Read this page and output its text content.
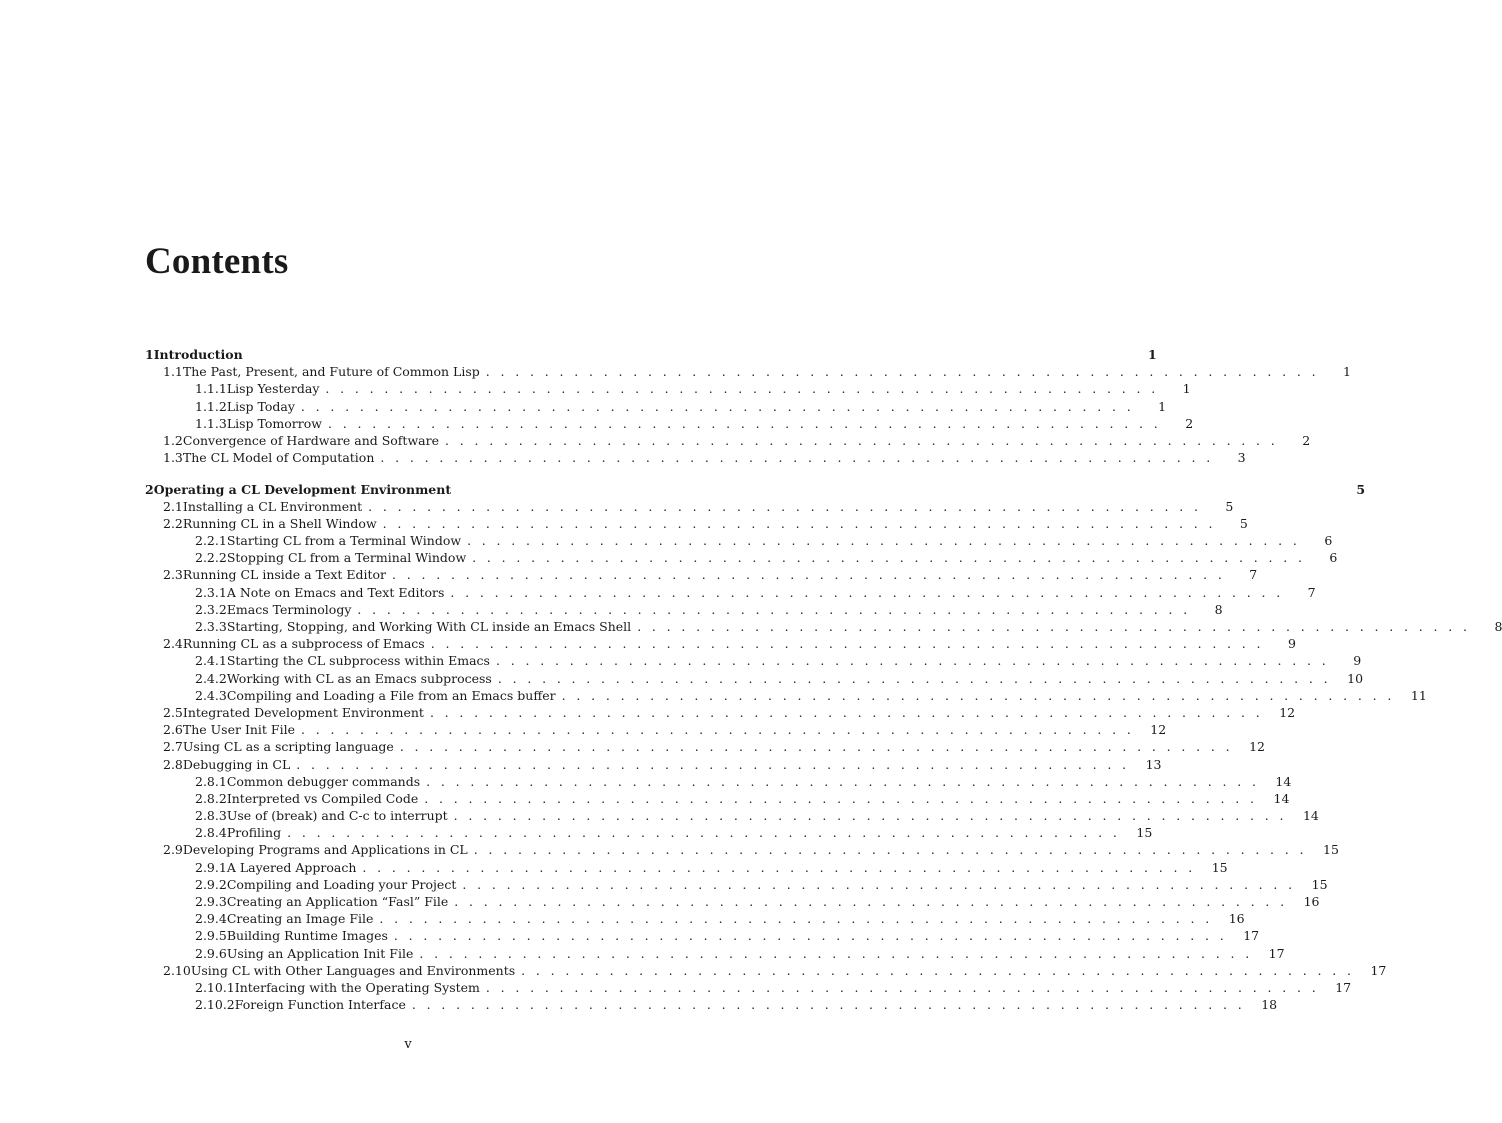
Contents
1 Introduction	1
1.1 The Past, Present, and Future of Common Lisp . . . . . . . . . . . . . . . . . . . . . . . . . . . . . . . . . . . . . . . . . . . . . . . . . . . . . . . . .	1
1.1.1 Lisp Yesterday . . . . . . . . . . . . . . . . . . . . . . . . . . . . . . . . . . . . . . . . . . . . . . . . . . . . . . . . .	1
1.1.2 Lisp Today . . . . . . . . . . . . . . . . . . . . . . . . . . . . . . . . . . . . . . . . . . . . . . . . . . . . . . . . .	1
1.1.3 Lisp Tomorrow . . . . . . . . . . . . . . . . . . . . . . . . . . . . . . . . . . . . . . . . . . . . . . . . . . . . . . . . .	2
1.2 Convergence of Hardware and Software . . . . . . . . . . . . . . . . . . . . . . . . . . . . . . . . . . . . . . . . . . . . . . . . . . . . . . . . .	2
1.3 The CL Model of Computation . . . . . . . . . . . . . . . . . . . . . . . . . . . . . . . . . . . . . . . . . . . . . . . . . . . . . . . . .	3
2 Operating a CL Development Environment	5
2.1 Installing a CL Environment . . . . . . . . . . . . . . . . . . . . . . . . . . . . . . . . . . . . . . . . . . . . . . . . . . . . . . . . .	5
2.2 Running CL in a Shell Window . . . . . . . . . . . . . . . . . . . . . . . . . . . . . . . . . . . . . . . . . . . . . . . . . . . . . . . . .	5
2.2.1 Starting CL from a Terminal Window . . . . . . . . . . . . . . . . . . . . . . . . . . . . . . . . . . . . . . . . . . . . . . . . . . . . . . . . .	6
2.2.2 Stopping CL from a Terminal Window . . . . . . . . . . . . . . . . . . . . . . . . . . . . . . . . . . . . . . . . . . . . . . . . . . . . . . . . .	6
2.3 Running CL inside a Text Editor . . . . . . . . . . . . . . . . . . . . . . . . . . . . . . . . . . . . . . . . . . . . . . . . . . . . . . . . .	7
2.3.1 A Note on Emacs and Text Editors . . . . . . . . . . . . . . . . . . . . . . . . . . . . . . . . . . . . . . . . . . . . . . . . . . . . . . . . .	7
2.3.2 Emacs Terminology . . . . . . . . . . . . . . . . . . . . . . . . . . . . . . . . . . . . . . . . . . . . . . . . . . . . . . . . .	8
2.3.3 Starting, Stopping, and Working With CL inside an Emacs Shell . . . . . . . . . . . . . . . . . . . . . . . . . . . . . . . . . . . . . . . . . . . . . . . . . . . . . . . . .	8
2.4 Running CL as a subprocess of Emacs . . . . . . . . . . . . . . . . . . . . . . . . . . . . . . . . . . . . . . . . . . . . . . . . . . . . . . . . .	9
2.4.1 Starting the CL subprocess within Emacs . . . . . . . . . . . . . . . . . . . . . . . . . . . . . . . . . . . . . . . . . . . . . . . . . . . . . . . . .	9
2.4.2 Working with CL as an Emacs subprocess . . . . . . . . . . . . . . . . . . . . . . . . . . . . . . . . . . . . . . . . . . . . . . . . . . . . . . . . .	10
2.4.3 Compiling and Loading a File from an Emacs buffer . . . . . . . . . . . . . . . . . . . . . . . . . . . . . . . . . . . . . . . . . . . . . . . . . . . . . . . . .	11
2.5 Integrated Development Environment . . . . . . . . . . . . . . . . . . . . . . . . . . . . . . . . . . . . . . . . . . . . . . . . . . . . . . . . .	12
2.6 The User Init File . . . . . . . . . . . . . . . . . . . . . . . . . . . . . . . . . . . . . . . . . . . . . . . . . . . . . . . . .	12
2.7 Using CL as a scripting language . . . . . . . . . . . . . . . . . . . . . . . . . . . . . . . . . . . . . . . . . . . . . . . . . . . . . . . . .	12
2.8 Debugging in CL . . . . . . . . . . . . . . . . . . . . . . . . . . . . . . . . . . . . . . . . . . . . . . . . . . . . . . . . .	13
2.8.1 Common debugger commands . . . . . . . . . . . . . . . . . . . . . . . . . . . . . . . . . . . . . . . . . . . . . . . . . . . . . . . . .	14
2.8.2 Interpreted vs Compiled Code . . . . . . . . . . . . . . . . . . . . . . . . . . . . . . . . . . . . . . . . . . . . . . . . . . . . . . . . .	14
2.8.3 Use of (break) and C-c to interrupt . . . . . . . . . . . . . . . . . . . . . . . . . . . . . . . . . . . . . . . . . . . . . . . . . . . . . . . . .	14
2.8.4 Profiling . . . . . . . . . . . . . . . . . . . . . . . . . . . . . . . . . . . . . . . . . . . . . . . . . . . . . . . . .	15
2.9 Developing Programs and Applications in CL . . . . . . . . . . . . . . . . . . . . . . . . . . . . . . . . . . . . . . . . . . . . . . . . . . . . . . . . .	15
2.9.1 A Layered Approach . . . . . . . . . . . . . . . . . . . . . . . . . . . . . . . . . . . . . . . . . . . . . . . . . . . . . . . . .	15
2.9.2 Compiling and Loading your Project . . . . . . . . . . . . . . . . . . . . . . . . . . . . . . . . . . . . . . . . . . . . . . . . . . . . . . . . .	15
2.9.3 Creating an Application “Fasl” File . . . . . . . . . . . . . . . . . . . . . . . . . . . . . . . . . . . . . . . . . . . . . . . . . . . . . . . . .	16
2.9.4 Creating an Image File . . . . . . . . . . . . . . . . . . . . . . . . . . . . . . . . . . . . . . . . . . . . . . . . . . . . . . . . .	16
2.9.5 Building Runtime Images . . . . . . . . . . . . . . . . . . . . . . . . . . . . . . . . . . . . . . . . . . . . . . . . . . . . . . . . .	17
2.9.6 Using an Application Init File . . . . . . . . . . . . . . . . . . . . . . . . . . . . . . . . . . . . . . . . . . . . . . . . . . . . . . . . .	17
2.10 Using CL with Other Languages and Environments . . . . . . . . . . . . . . . . . . . . . . . . . . . . . . . . . . . . . . . . . . . . . . . . . . . . . . . . .	17
2.10.1 Interfacing with the Operating System . . . . . . . . . . . . . . . . . . . . . . . . . . . . . . . . . . . . . . . . . . . . . . . . . . . . . . . . .	17
2.10.2 Foreign Function Interface . . . . . . . . . . . . . . . . . . . . . . . . . . . . . . . . . . . . . . . . . . . . . . . . . . . . . . . . .	18
v
